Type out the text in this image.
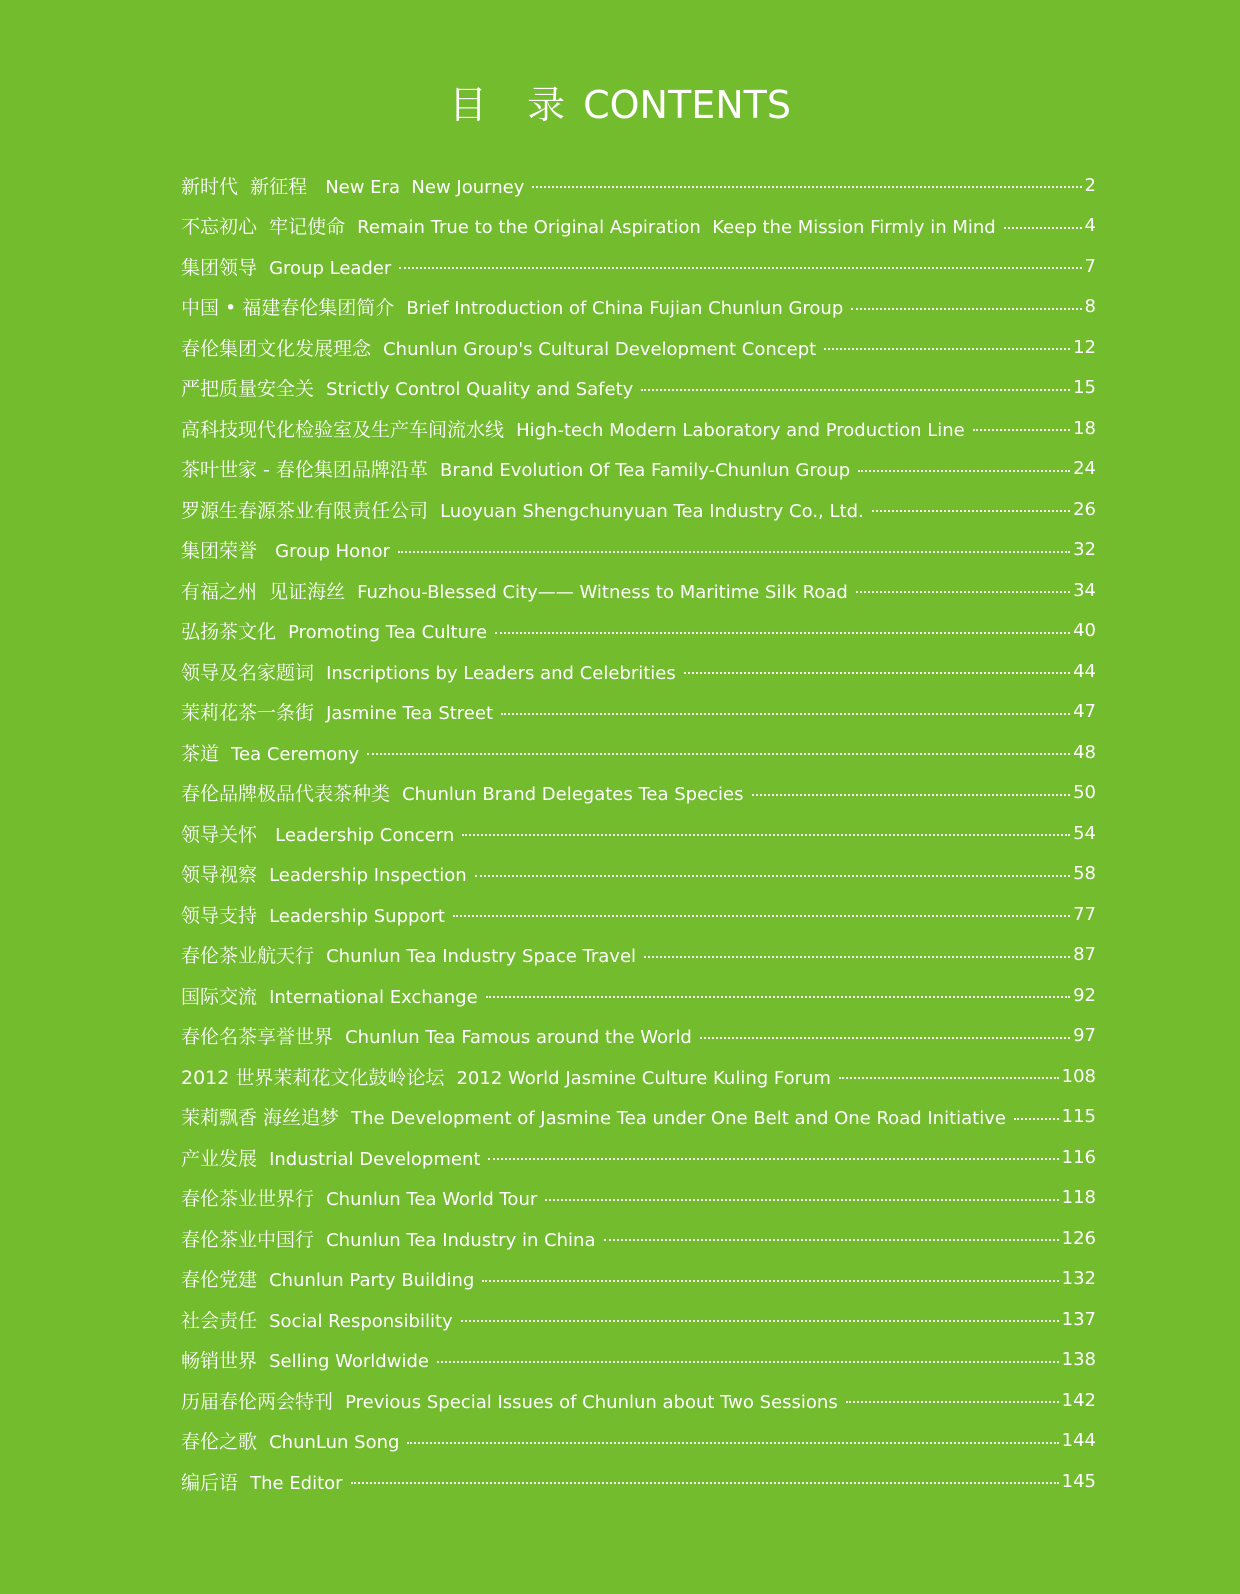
目 录 CONTENTS
新时代  新征程   New Era  New Journey	2
不忘初心  牢记使命  Remain True to the Original Aspiration  Keep the Mission Firmly in Mind	4
集团领导  Group Leader	7
中国 • 福建春伦集团简介  Brief Introduction of China Fujian Chunlun Group	8
春伦集团文化发展理念  Chunlun Group's Cultural Development Concept	12
严把质量安全关  Strictly Control Quality and Safety	15
高科技现代化检验室及生产车间流水线  High-tech Modern Laboratory and Production Line	18
茶叶世家 - 春伦集团品牌沿革  Brand Evolution Of Tea Family-Chunlun Group	24
罗源生春源茶业有限责任公司  Luoyuan Shengchunyuan Tea Industry Co., Ltd.	26
集团荣誉   Group Honor	32
有福之州  见证海丝  Fuzhou-Blessed City—— Witness to Maritime Silk Road	34
弘扬茶文化  Promoting Tea Culture	40
领导及名家题词  Inscriptions by Leaders and Celebrities	44
茉莉花茶一条街  Jasmine Tea Street	47
茶道  Tea Ceremony	48
春伦品牌极品代表茶种类  Chunlun Brand Delegates Tea Species	50
领导关怀   Leadership Concern	54
领导视察  Leadership Inspection	58
领导支持  Leadership Support	77
春伦茶业航天行  Chunlun Tea Industry Space Travel	87
国际交流  International Exchange	92
春伦名茶享誉世界  Chunlun Tea Famous around the World	97
2012 世界茉莉花文化鼓岭论坛  2012 World Jasmine Culture Kuling Forum	108
茉莉飘香 海丝追梦  The Development of Jasmine Tea under One Belt and One Road Initiative	115
产业发展  Industrial Development	116
春伦茶业世界行  Chunlun Tea World Tour	118
春伦茶业中国行  Chunlun Tea Industry in China	126
春伦党建  Chunlun Party Building	132
社会责任  Social Responsibility	137
畅销世界  Selling Worldwide	138
历届春伦两会特刊  Previous Special Issues of Chunlun about Two Sessions	142
春伦之歌  ChunLun Song	144
编后语  The Editor	145
